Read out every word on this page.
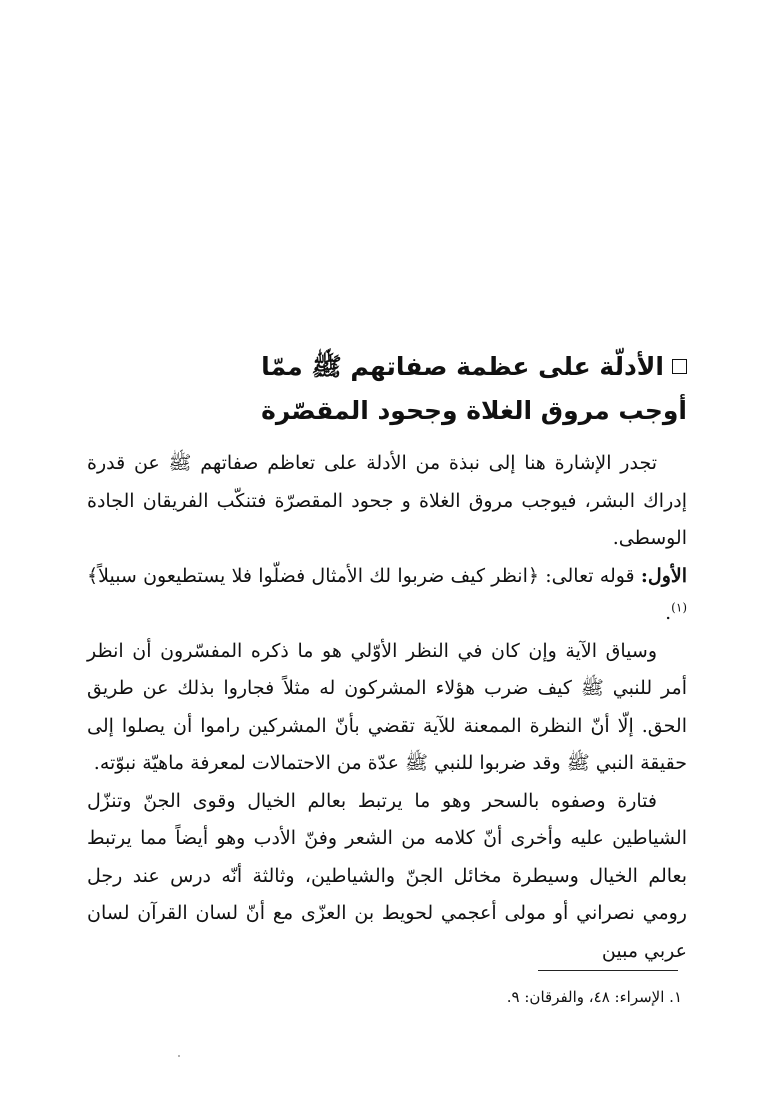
الأدلّة على عظمة صفاتهم ﷺ ممّا
أوجب مروق الغلاة وجحود المقصّرة

تجدر الإشارة هنا إلى نبذة من الأدلة على تعاظم صفاتهم ﷺ عن قدرة إدراك البشر، فيوجب مروق الغلاة و جحود المقصرّة فتنكّب الفريقان الجادة الوسطى.

الأول: قوله تعالى: ﴿انظر كيف ضربوا لك الأمثال فضلّوا فلا يستطيعون سبيلاً﴾$^{(١)}$.

وسياق الآية وإن كان في النظر الأوّلي هو ما ذكره المفسّرون أن انظر أمر للنبي ﷺ كيف ضرب هؤلاء المشركون له مثلاً فجاروا بذلك عن طريق الحق. إلّا أنّ النظرة الممعنة للآية تقضي بأنّ المشركين راموا أن يصلوا إلى حقيقة النبي ﷺ وقد ضربوا للنبي ﷺ عدّة من الاحتمالات لمعرفة ماهيّة نبوّته.

فتارة وصفوه بالسحر وهو ما يرتبط بعالم الخيال وقوى الجنّ وتنزّل الشياطين عليه وأخرى أنّ كلامه من الشعر وفنّ الأدب وهو أيضاً مما يرتبط بعالم الخيال وسيطرة مخائل الجنّ والشياطين، وثالثة أنّه درس عند رجل رومي نصراني أو مولى أعجمي لحويط بن العزّى مع أنّ لسان القرآن لسان عربي مبين

١. الإسراء: ٤٨، والفرقان: ٩.
